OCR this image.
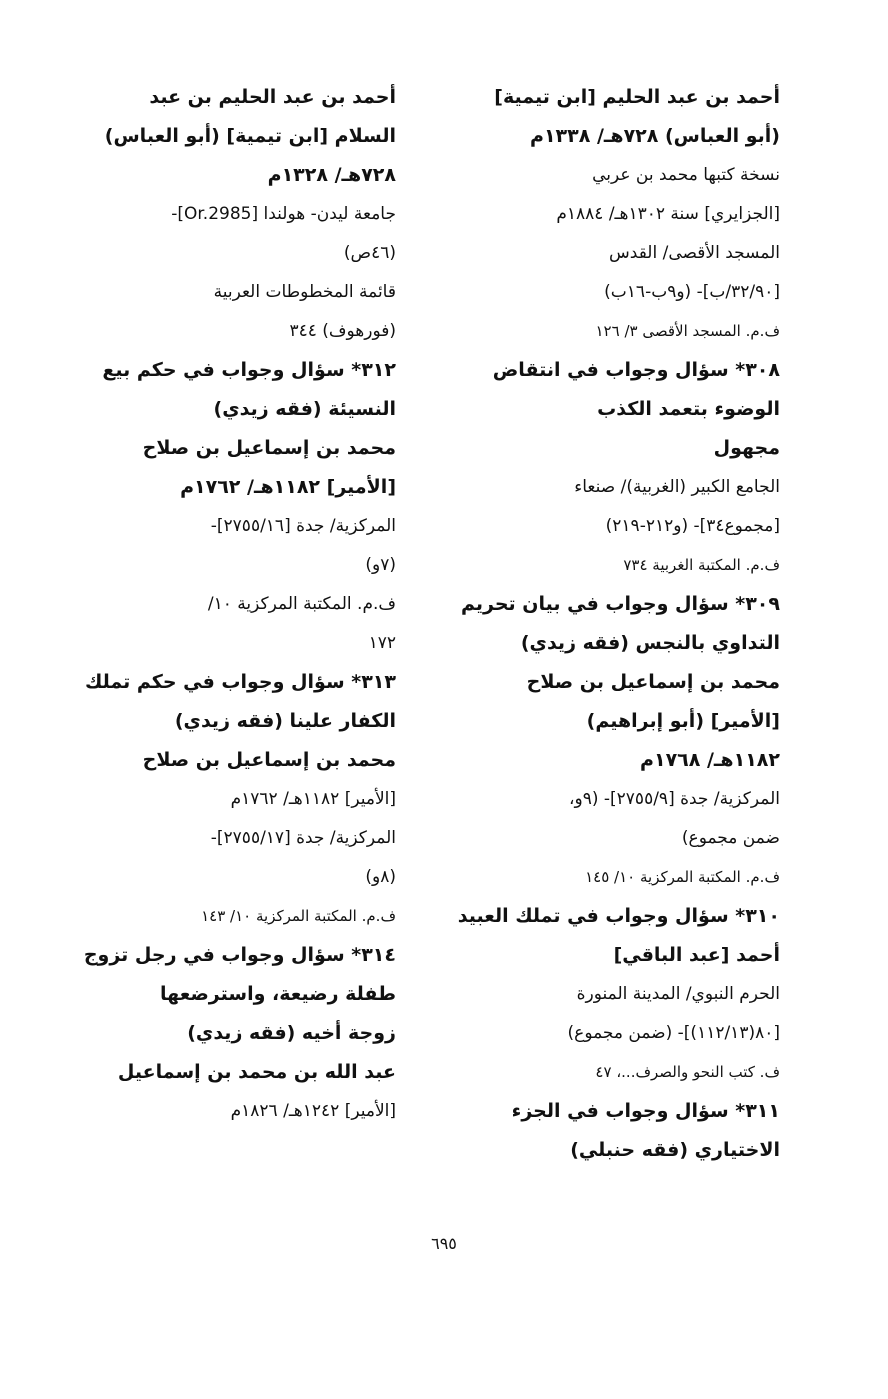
أحمد بن عبد الحليم [ابن تيمية]
(أبو العباس) ٧٢٨هـ/ ١٣٣٨م
نسخة كتبها محمد بن عربي
[الجزايري] سنة ١٣٠٢هـ/ ١٨٨٤م
المسجد الأقصى/ القدس
[٣٢/٩٠/ب]- (و٩ب-١٦ب)
ف.م. المسجد الأقصى ٣/ ١٢٦
٣٠٨* سؤال وجواب في انتقاض
الوضوء بتعمد الكذب
مجهول
الجامع الكبير (الغربية)/ صنعاء
[مجموع٣٤]- (و٢١٢-٢١٩)
ف.م. المكتبة الغربية ٧٣٤
٣٠٩* سؤال وجواب في بيان تحريم
التداوي بالنجس (فقه زيدي)
محمد بن إسماعيل بن صلاح
[الأمير] (أبو إبراهيم)
١١٨٢هـ/ ١٧٦٨م
المركزية/ جدة [٢٧٥٥/٩]- (٩و،
ضمن مجموع)
ف.م. المكتبة المركزية ١٠/ ١٤٥
٣١٠* سؤال وجواب في تملك العبيد
أحمد [عبد الباقي]
الحرم النبوي/ المدينة المنورة
[٨٠(١١٢/١٣)]- (ضمن مجموع)
ف. كتب النحو والصرف...، ٤٧
٣١١* سؤال وجواب في الجزء
الاختياري (فقه حنبلي)
أحمد بن عبد الحليم بن عبد
السلام [ابن تيمية] (أبو العباس)
٧٢٨هـ/ ١٣٢٨م
جامعة ليدن- هولندا [Or.2985]-
(٤٦ص)
قائمة المخطوطات العربية
(فورهوف) ٣٤٤
٣١٢* سؤال وجواب في حكم بيع
النسيئة (فقه زيدي)
محمد بن إسماعيل بن صلاح
[الأمير] ١١٨٢هـ/ ١٧٦٢م
المركزية/ جدة [٢٧٥٥/١٦]-
(٧و)
ف.م. المكتبة المركزية ١٠/
١٧٢
٣١٣* سؤال وجواب في حكم تملك
الكفار علينا (فقه زيدي)
محمد بن إسماعيل بن صلاح
[الأمير] ١١٨٢هـ/ ١٧٦٢م
المركزية/ جدة [٢٧٥٥/١٧]-
(٨و)
ف.م. المكتبة المركزية ١٠/ ١٤٣
٣١٤* سؤال وجواب في رجل تزوج
طفلة رضيعة، واسترضعها
زوجة أخيه (فقه زيدي)
عبد الله بن محمد بن إسماعيل
[الأمير] ١٢٤٢هـ/ ١٨٢٦م
٦٩٥
